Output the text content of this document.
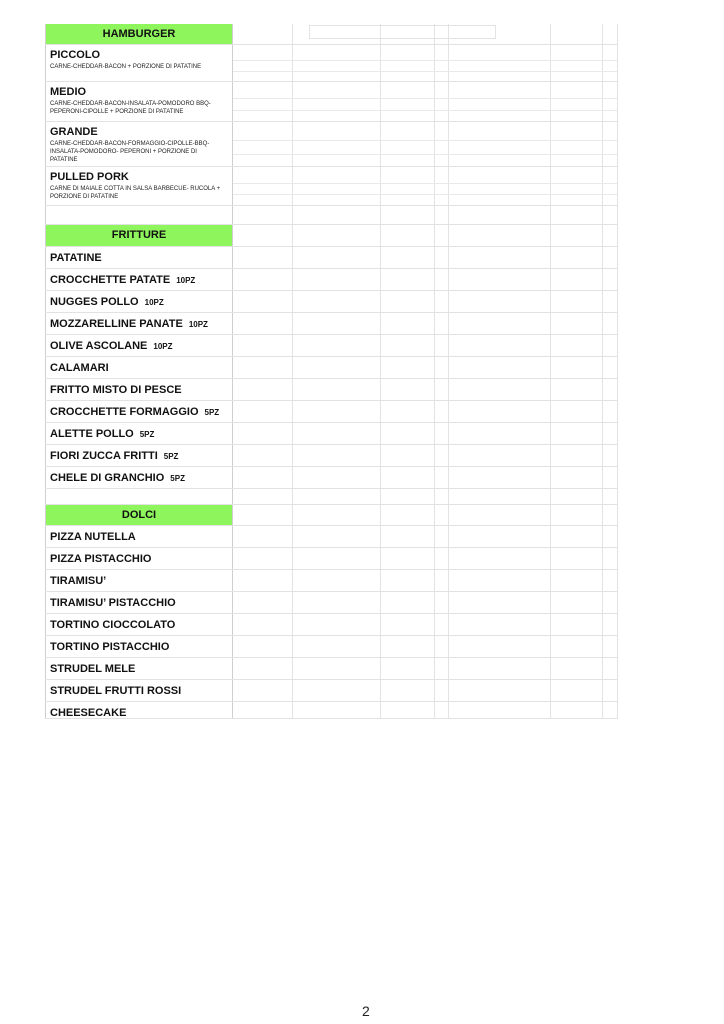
HAMBURGER
PICCOLO
CARNE-CHEDDAR-BACON + PORZIONE DI PATATINE
MEDIO
CARNE-CHEDDAR-BACON-INSALATA-POMODORO BBQ-PEPERONI-CIPOLLE + PORZIONE DI PATATINE
GRANDE
CARNE-CHEDDAR-BACON-FORMAGGIO-CIPOLLE-BBQ-INSALATA-POMODORO- PEPERONI + PORZIONE DI PATATINE
PULLED PORK
CARNE DI MAIALE COTTA IN SALSA BARBECUE- RUCOLA + PORZIONE DI PATATINE
FRITTURE
PATATINE
CROCCHETTE PATATE 10PZ
NUGGES POLLO 10PZ
MOZZARELLINE PANATE 10PZ
OLIVE ASCOLANE 10PZ
CALAMARI
FRITTO MISTO DI PESCE
CROCCHETTE FORMAGGIO 5PZ
ALETTE POLLO 5PZ
FIORI ZUCCA FRITTI 5PZ
CHELE DI GRANCHIO 5PZ
DOLCI
PIZZA NUTELLA
PIZZA PISTACCHIO
TIRAMISU’
TIRAMISU’ PISTACCHIO
TORTINO CIOCCOLATO
TORTINO PISTACCHIO
STRUDEL MELE
STRUDEL FRUTTI ROSSI
CHEESECAKE
2
